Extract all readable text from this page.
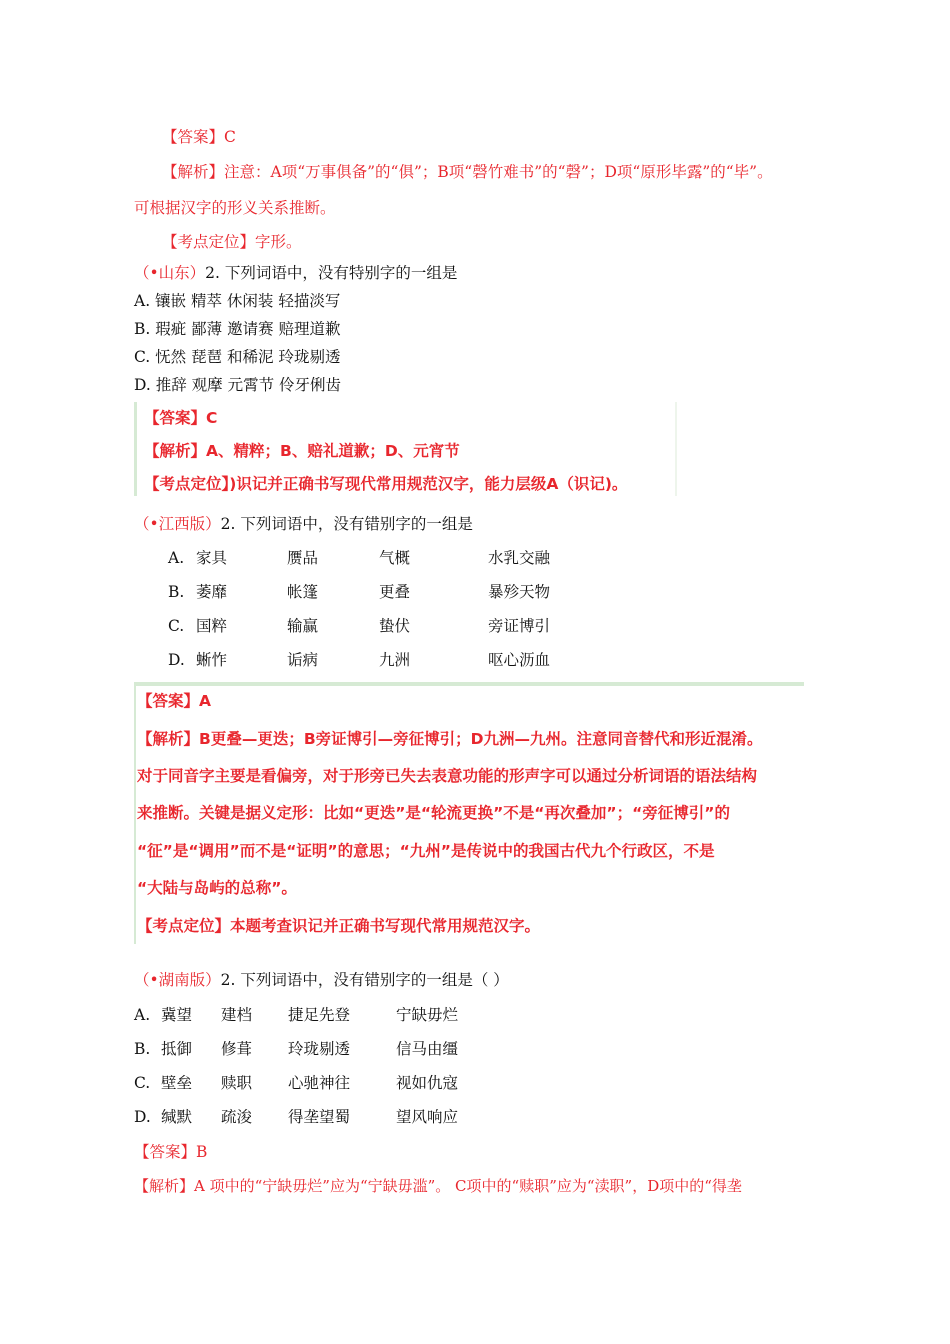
【答案】C
【解析】注意：A项“万事俱备”的“俱”；B项“磬竹难书”的“磬”；D项“原形毕露”的“毕”。
可根据汉字的形义关系推断。
【考点定位】字形。
（•山东）2. 下列词语中，没有特别字的一组是
A. 镶嵌 精萃 休闲装 轻描淡写
B. 瑕疵 鄙薄 邀请赛 赔理道歉
C. 怃然 琵琶 和稀泥 玲珑剔透
D. 推辞 观摩 元霄节 伶牙俐齿
【答案】C
【解析】A、精粹；B、赔礼道歉；D、元宵节
【考点定位】)识记并正确书写现代常用规范汉字，能力层级A（识记)。
（•江西版）2. 下列词语中，没有错别字的一组是
A. 家具	赝品	气概	水乳交融
B. 萎靡	帐篷	更叠	暴殄天物
C. 国粹	输赢	蛰伏	旁证博引
D. 蜥怍	诟病	九洲	呕心沥血
【答案】A
【解析】B更叠—更迭；B旁证博引—旁征博引；D九洲—九州。注意同音替代和形近混淆。
对于同音字主要是看偏旁，对于形旁已失去表意功能的形声字可以通过分析词语的语法结构
来推断。关键是据义定形：比如“更迭”是“轮流更换”不是“再次叠加”；“旁征博引”的
“征”是“调用”而不是“证明”的意思；“九州”是传说中的我国古代九个行政区，不是
“大陆与岛屿的总称”。
【考点定位】本题考查识记并正确书写现代常用规范汉字。
（•湖南版）2. 下列词语中，没有错别字的一组是（ ）
A. 冀望 建档 捷足先登	宁缺毋烂
B. 抵御 修葺 玲珑剔透	信马由缰
C. 壁垒 赎职 心驰神往	视如仇寇
D. 缄默 疏浚 得垄望蜀	望风响应
【答案】B
【解析】A 项中的“宁缺毋烂”应为“宁缺毋滥”。 C项中的“赎职”应为“渎职”，D项中的“得垄
